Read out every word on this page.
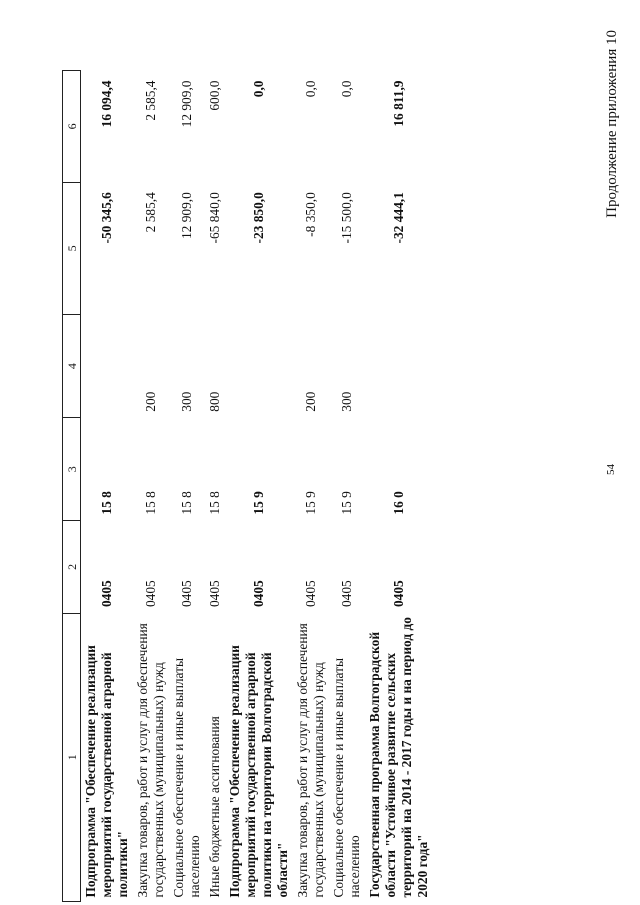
54
Продолжение приложения 10
1	2	3	4	5	6
Подпрограмма "Обеспечение реализации мероприятий государственной аграрной политики"	0405	15 8		-50 345,6	16 094,4
Закупка товаров, работ и услуг для обеспечения государственных (муниципальных) нужд	0405	15 8	200	2 585,4	2 585,4
Социальное обеспечение и иные выплаты населению	0405	15 8	300	12 909,0	12 909,0
Иные бюджетные ассигнования	0405	15 8	800	-65 840,0	600,0
Подпрограмма "Обеспечение реализации мероприятий государственной аграрной политики на территории Волгоградской области"	0405	15 9		-23 850,0	0,0
Закупка товаров, работ и услуг для обеспечения государственных (муниципальных) нужд	0405	15 9	200	-8 350,0	0,0
Социальное обеспечение и иные выплаты населению	0405	15 9	300	-15 500,0	0,0
Государственная программа Волгоградской области "Устойчивое развитие сельских территорий на 2014 - 2017 годы и на период до 2020 года"	0405	16 0		-32 444,1	16 811,9
